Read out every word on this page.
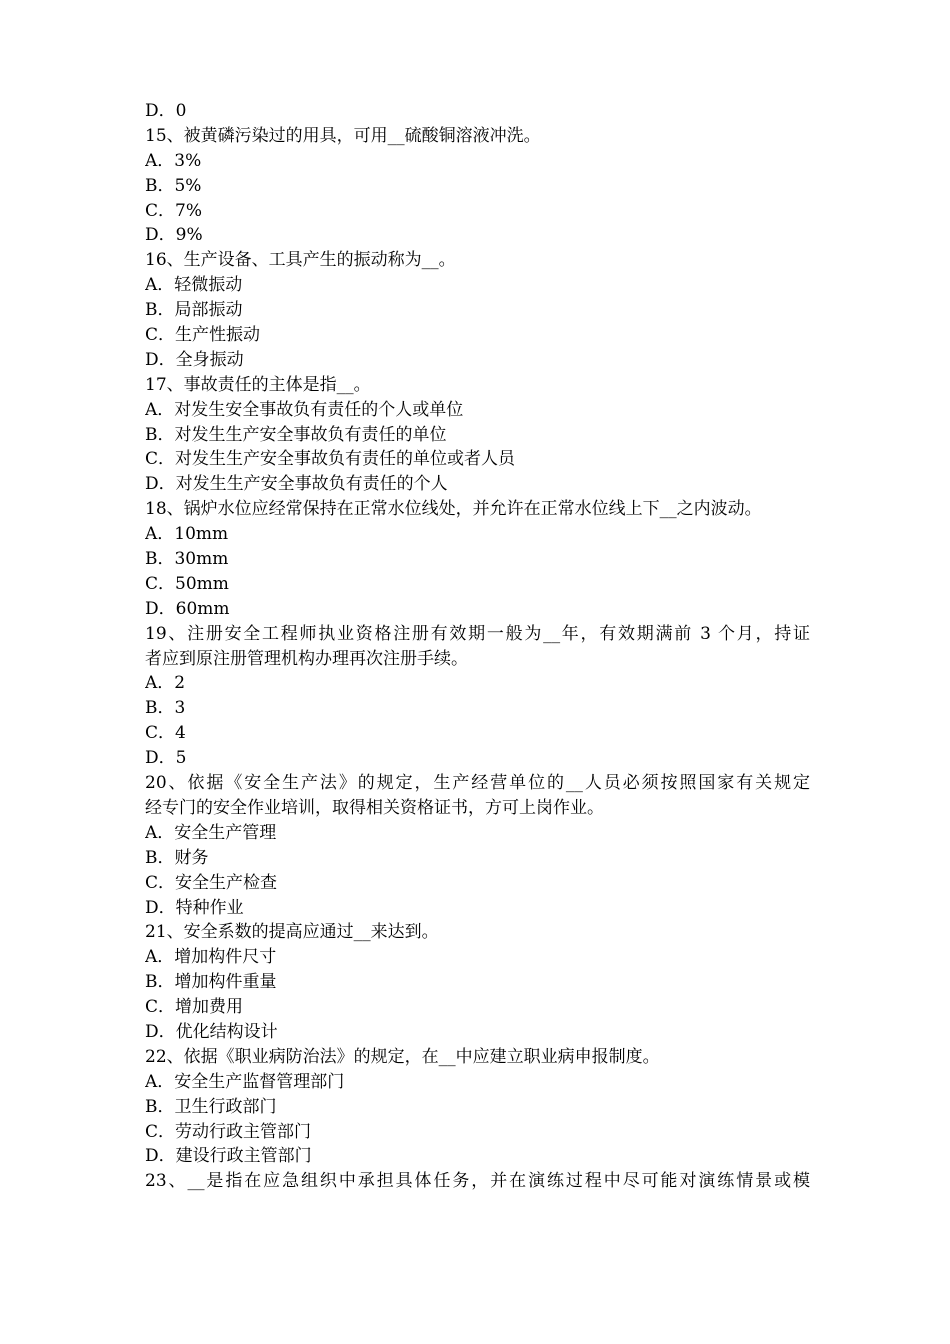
D．0
15、被黄磷污染过的用具，可用__硫酸铜溶液冲洗。
A．3%
B．5%
C．7%
D．9%
16、生产设备、工具产生的振动称为__。
A．轻微振动
B．局部振动
C．生产性振动
D．全身振动
17、事故责任的主体是指__。
A．对发生安全事故负有责任的个人或单位
B．对发生生产安全事故负有责任的单位
C．对发生生产安全事故负有责任的单位或者人员
D．对发生生产安全事故负有责任的个人
18、锅炉水位应经常保持在正常水位线处，并允许在正常水位线上下__之内波动。
A．10mm
B．30mm
C．50mm
D．60mm
19、注册安全工程师执业资格注册有效期一般为__年，有效期满前 3 个月，持证
者应到原注册管理机构办理再次注册手续。
A．2
B．3
C．4
D．5
20、依据《安全生产法》的规定，生产经营单位的__人员必须按照国家有关规定
经专门的安全作业培训，取得相关资格证书，方可上岗作业。
A．安全生产管理
B．财务
C．安全生产检查
D．特种作业
21、安全系数的提高应通过__来达到。
A．增加构件尺寸
B．增加构件重量
C．增加费用
D．优化结构设计
22、依据《职业病防治法》的规定，在__中应建立职业病申报制度。
A．安全生产监督管理部门
B．卫生行政部门
C．劳动行政主管部门
D．建设行政主管部门
23、__是指在应急组织中承担具体任务，并在演练过程中尽可能对演练情景或模
